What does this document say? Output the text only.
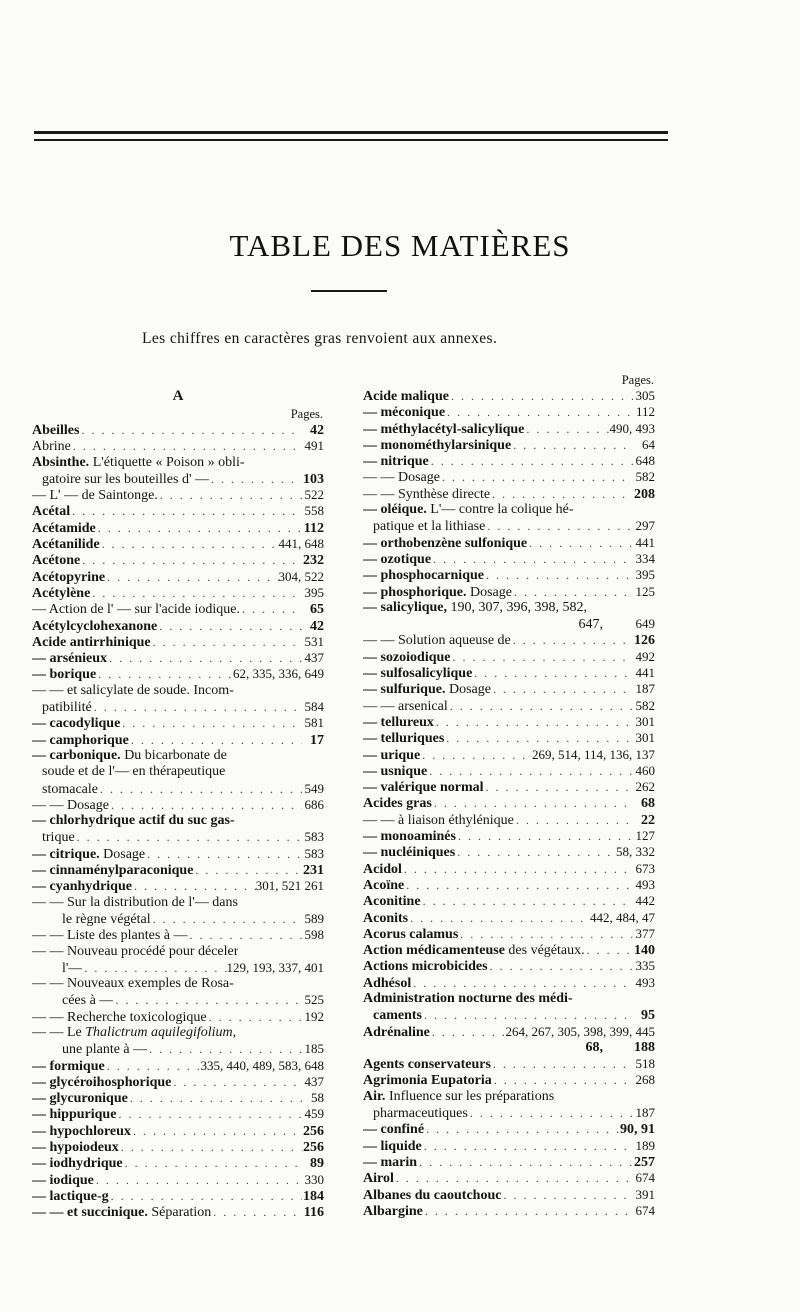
TABLE DES MATIÈRES
Les chiffres en caractères gras renvoient aux annexes.
A
Pages.
Abeilles . . .	42
Abrine . . .	491
Absinthe. L'étiquette « Poison » obli-
gatoire sur les bouteilles d' — . . .	103
— L' — de Saintonge. . . .	522
Acétal . . .	558
Acétamide . . .	112
Acétanilide . . .	441, 648
Acétone . . .	232
Acétopyrine . . .	304, 522
Acétylène . . .	395
— Action de l' — sur l'acide iodique. . . .	65
Acétylcyclohexanone . . .	42
Acide antirrhinique . . .	531
— arsénieux . . .	437
— borique . . .	62, 335, 336, 649
— — et salicylate de soude. Incom-
patibilité . . .	584
— cacodylique . . .	581
— camphorique . . .	17
— carbonique. Du bicarbonate de
soude et de l'— en thérapeutique
stomacale . . .	549
— — Dosage . . .	686
— chlorhydrique actif du suc gas-
trique . . .	583
— citrique. Dosage . . .	583
— cinnaménylparaconique . . .	231
— cyanhydrique . . .	301, 521 261
— — Sur la distribution de l'— dans
le règne végétal . . .	589
— — Liste des plantes à — . . .	598
— — Nouveau procédé pour déceler
l'— . . .	129, 193, 337, 401
— — Nouveaux exemples de Rosa-
cées à — . . .	525
— — Recherche toxicologique . . .	192
— — Le Thalictrum aquilegifolium,
une plante à — . . .	185
— formique . . .	335, 440, 489, 583, 648
— glycéroihosphorique . . .	437
— glycuronique . . .	58
— hippurique . . .	459
— hypochloreux . . .	256
— hypoiodeux . . .	256
— iodhydrique . . .	89
— iodique . . .	330
— lactique-g . . .	184
— — et succinique. Séparation . . .	116
Pages.
Acide malique . . .	305
— méconique . . .	112
— méthylacétyl-salicylique . . .	490, 493
— monométhylarsinique . . .	64
— nitrique . . .	648
— — Dosage . . .	582
— — Synthèse directe . . .	208
— oléique. L'— contre la colique hé-
patique et la lithiase . . .	297
— orthobenzène sulfonique . . .	441
— ozotique . . .	334
— phosphocarnique . . .	395
— phosphorique. Dosage . . .	125
— salicylique, 190, 307, 396, 398, 582,
647,	649
— — Solution aqueuse de . . .	126
— sozoiodique . . .	492
— sulfosalicylique . . .	441
— sulfurique. Dosage . . .	187
— — arsenical . . .	582
— tellureux . . .	301
— telluriques . . .	301
— urique . . .	269, 514, 114, 136, 137
— usnique . . .	460
— valérique normal . . .	262
Acides gras . . .	68
— — à liaison éthylénique . . .	22
— monoaminés . . .	127
— nucléiniques . . .	58, 332
Acidol . . .	673
Acoïne . . .	493
Aconitine . . .	442
Aconits . . .	442, 484, 47
Acorus calamus . . .	377
Action médicamenteuse des végétaux. . . .	140
Actions microbicides . . .	335
Adhésol . . .	493
Administration nocturne des médi-
caments . . .	95
Adrénaline . . .	264, 267, 305, 398, 399, 445
68, 188
Agents conservateurs . . .	518
Agrimonia Eupatoria . . .	268
Air. Influence sur les préparations
pharmaceutiques . . .	187
— confiné . . .	90, 91
— liquide . . .	189
— marin . . .	257
Airol . . .	674
Albanes du caoutchouc . . .	391
Albargine . . .	674
